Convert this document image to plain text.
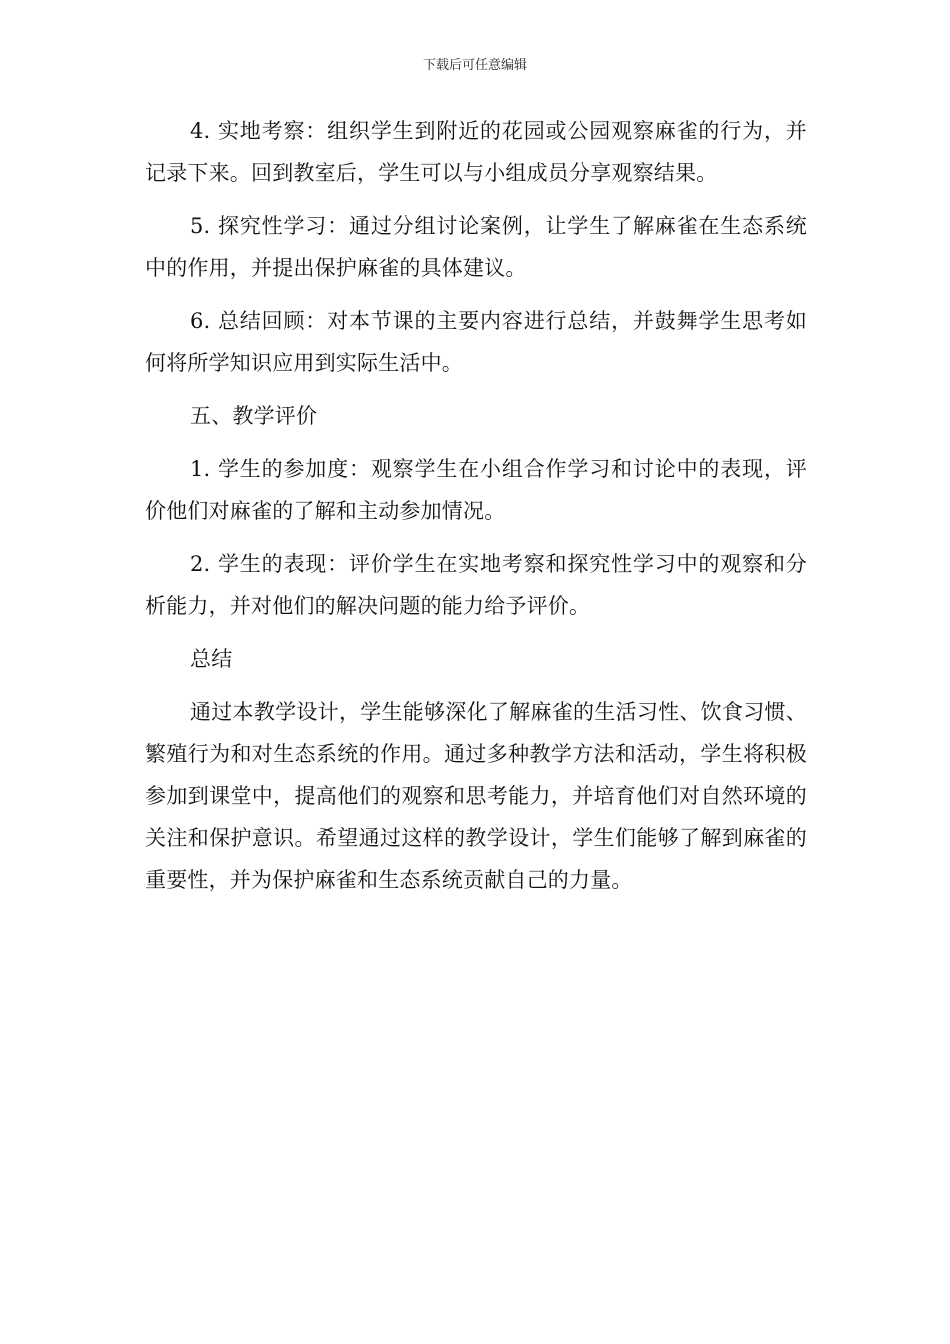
下载后可任意编辑

4. 实地考察：组织学生到附近的花园或公园观察麻雀的行为，并记录下来。回到教室后，学生可以与小组成员分享观察结果。

5. 探究性学习：通过分组讨论案例，让学生了解麻雀在生态系统中的作用，并提出保护麻雀的具体建议。

6. 总结回顾：对本节课的主要内容进行总结，并鼓舞学生思考如何将所学知识应用到实际生活中。

五、教学评价

1. 学生的参加度：观察学生在小组合作学习和讨论中的表现，评价他们对麻雀的了解和主动参加情况。

2. 学生的表现：评价学生在实地考察和探究性学习中的观察和分析能力，并对他们的解决问题的能力给予评价。

总结

通过本教学设计，学生能够深化了解麻雀的生活习性、饮食习惯、繁殖行为和对生态系统的作用。通过多种教学方法和活动，学生将积极参加到课堂中，提高他们的观察和思考能力，并培育他们对自然环境的关注和保护意识。希望通过这样的教学设计，学生们能够了解到麻雀的重要性，并为保护麻雀和生态系统贡献自己的力量。
